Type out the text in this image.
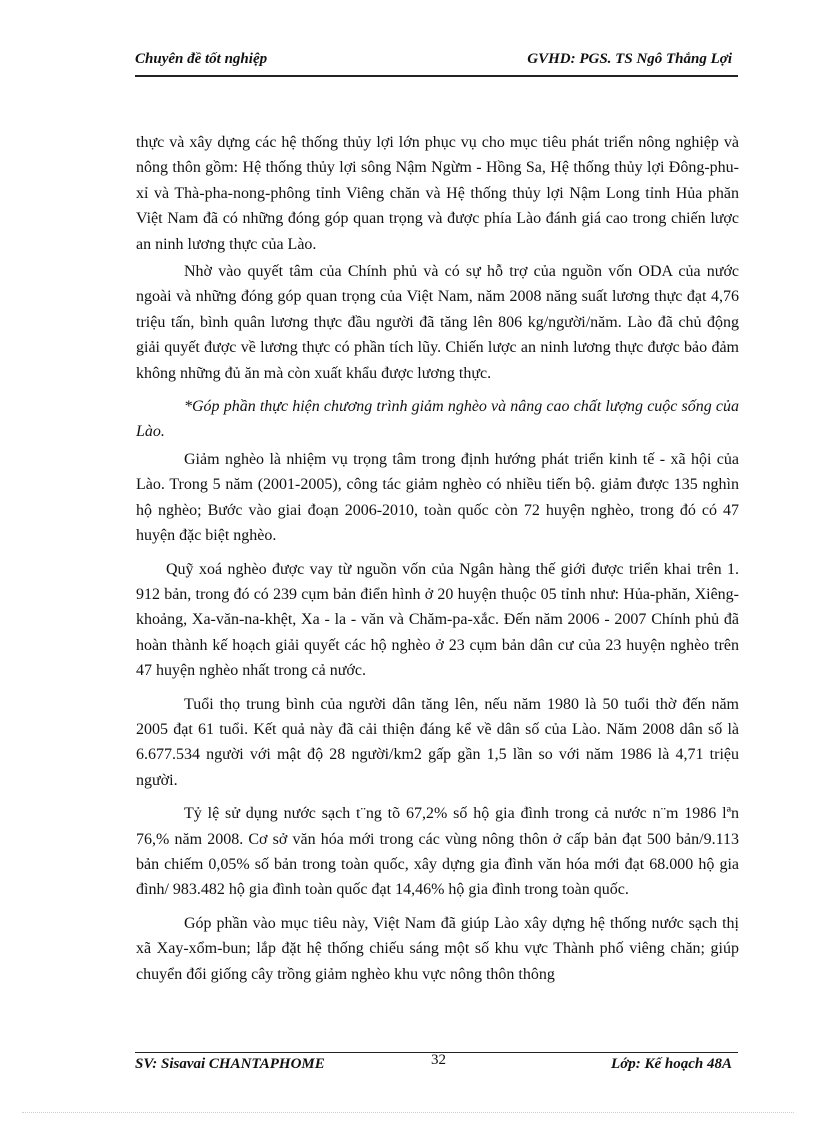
Chuyên đề tốt nghiệp	GVHD: PGS. TS Ngô Thắng Lợi

thực và xây dựng các hệ thống thủy lợi lớn phục vụ cho mục tiêu phát triển nông nghiệp và nông thôn gồm: Hệ thống thủy lợi sông Nậm Ngừm - Hồng Sa, Hệ thống thủy lợi Đông-phu- xỉ và Thà-pha-nong-phông tỉnh Viêng chăn và Hệ thống thủy lợi Nậm Long tỉnh Hủa phăn Việt Nam đã có những đóng góp quan trọng và được phía Lào đánh giá cao trong chiến lược an ninh lương thực của Lào.

Nhờ vào quyết tâm của Chính phủ và có sự hỗ trợ của nguồn vốn ODA của nước ngoài và những đóng góp quan trọng của Việt Nam, năm 2008 năng suất lương thực đạt 4,76 triệu tấn, bình quân lương thực đầu người đã tăng lên 806 kg/người/năm. Lào đã chủ động giải quyết được về lương thực có phần tích lũy. Chiến lược an ninh lương thực được bảo đảm không những đủ ăn mà còn xuất khẩu được lương thực.

*Góp phần thực hiện chương trình giảm nghèo và nâng cao chất lượng cuộc sống của Lào.

Giảm nghèo là nhiệm vụ trọng tâm trong định hướng phát triển kinh tế - xã hội của Lào. Trong 5 năm (2001-2005), công tác giảm nghèo có nhiều tiến bộ. giảm được 135 nghìn hộ nghèo; Bước vào giai đoạn 2006-2010, toàn quốc còn 72 huyện nghèo, trong đó có 47 huyện đặc biệt nghèo.

Quỹ xoá nghèo được vay từ nguồn vốn của Ngân hàng thế giới được triển khai trên 1. 912 bản, trong đó có 239 cụm bản điển hình ở 20 huyện thuộc 05 tỉnh như: Hủa-phăn, Xiêng-khoảng, Xa-văn-na-khệt, Xa - la - văn và Chăm-pa-xắc. Đến năm 2006 - 2007 Chính phủ đã hoàn thành kế hoạch giải quyết các hộ nghèo ở 23 cụm bản dân cư của 23 huyện nghèo trên 47 huyện nghèo nhất trong cả nước.

Tuổi thọ trung bình của người dân tăng lên, nếu năm 1980 là 50 tuổi thờ đến năm 2005 đạt 61 tuổi. Kết quả này đã cải thiện đáng kể về dân số của Lào. Năm 2008 dân số là 6.677.534 người với mật độ 28 người/km2 gấp gần 1,5 lần so với năm 1986 là 4,71 triệu người.

Tỷ lệ sử dụng nước sạch t¨ng tõ 67,2% số hộ gia đình trong cả nước n¨m 1986 lªn 76,% năm 2008. Cơ sở văn hóa mới trong các vùng nông thôn ở cấp bản đạt 500 bản/9.113 bản chiếm 0,05% số bản trong toàn quốc, xây dựng gia đình văn hóa mới đạt 68.000 hộ gia đình/ 983.482 hộ gia đình toàn quốc đạt 14,46% hộ gia đình trong toàn quốc.

Góp phần vào mục tiêu này, Việt Nam đã giúp Lào xây dựng hệ thống nước sạch thị xã Xay-xổm-bun; lắp đặt hệ thống chiếu sáng một số khu vực Thành phố viêng chăn; giúp chuyển đổi giống cây trồng giảm nghèo khu vực nông thôn thông

SV: Sisavai CHANTAPHOME	32	Lớp: Kế hoạch 48A
